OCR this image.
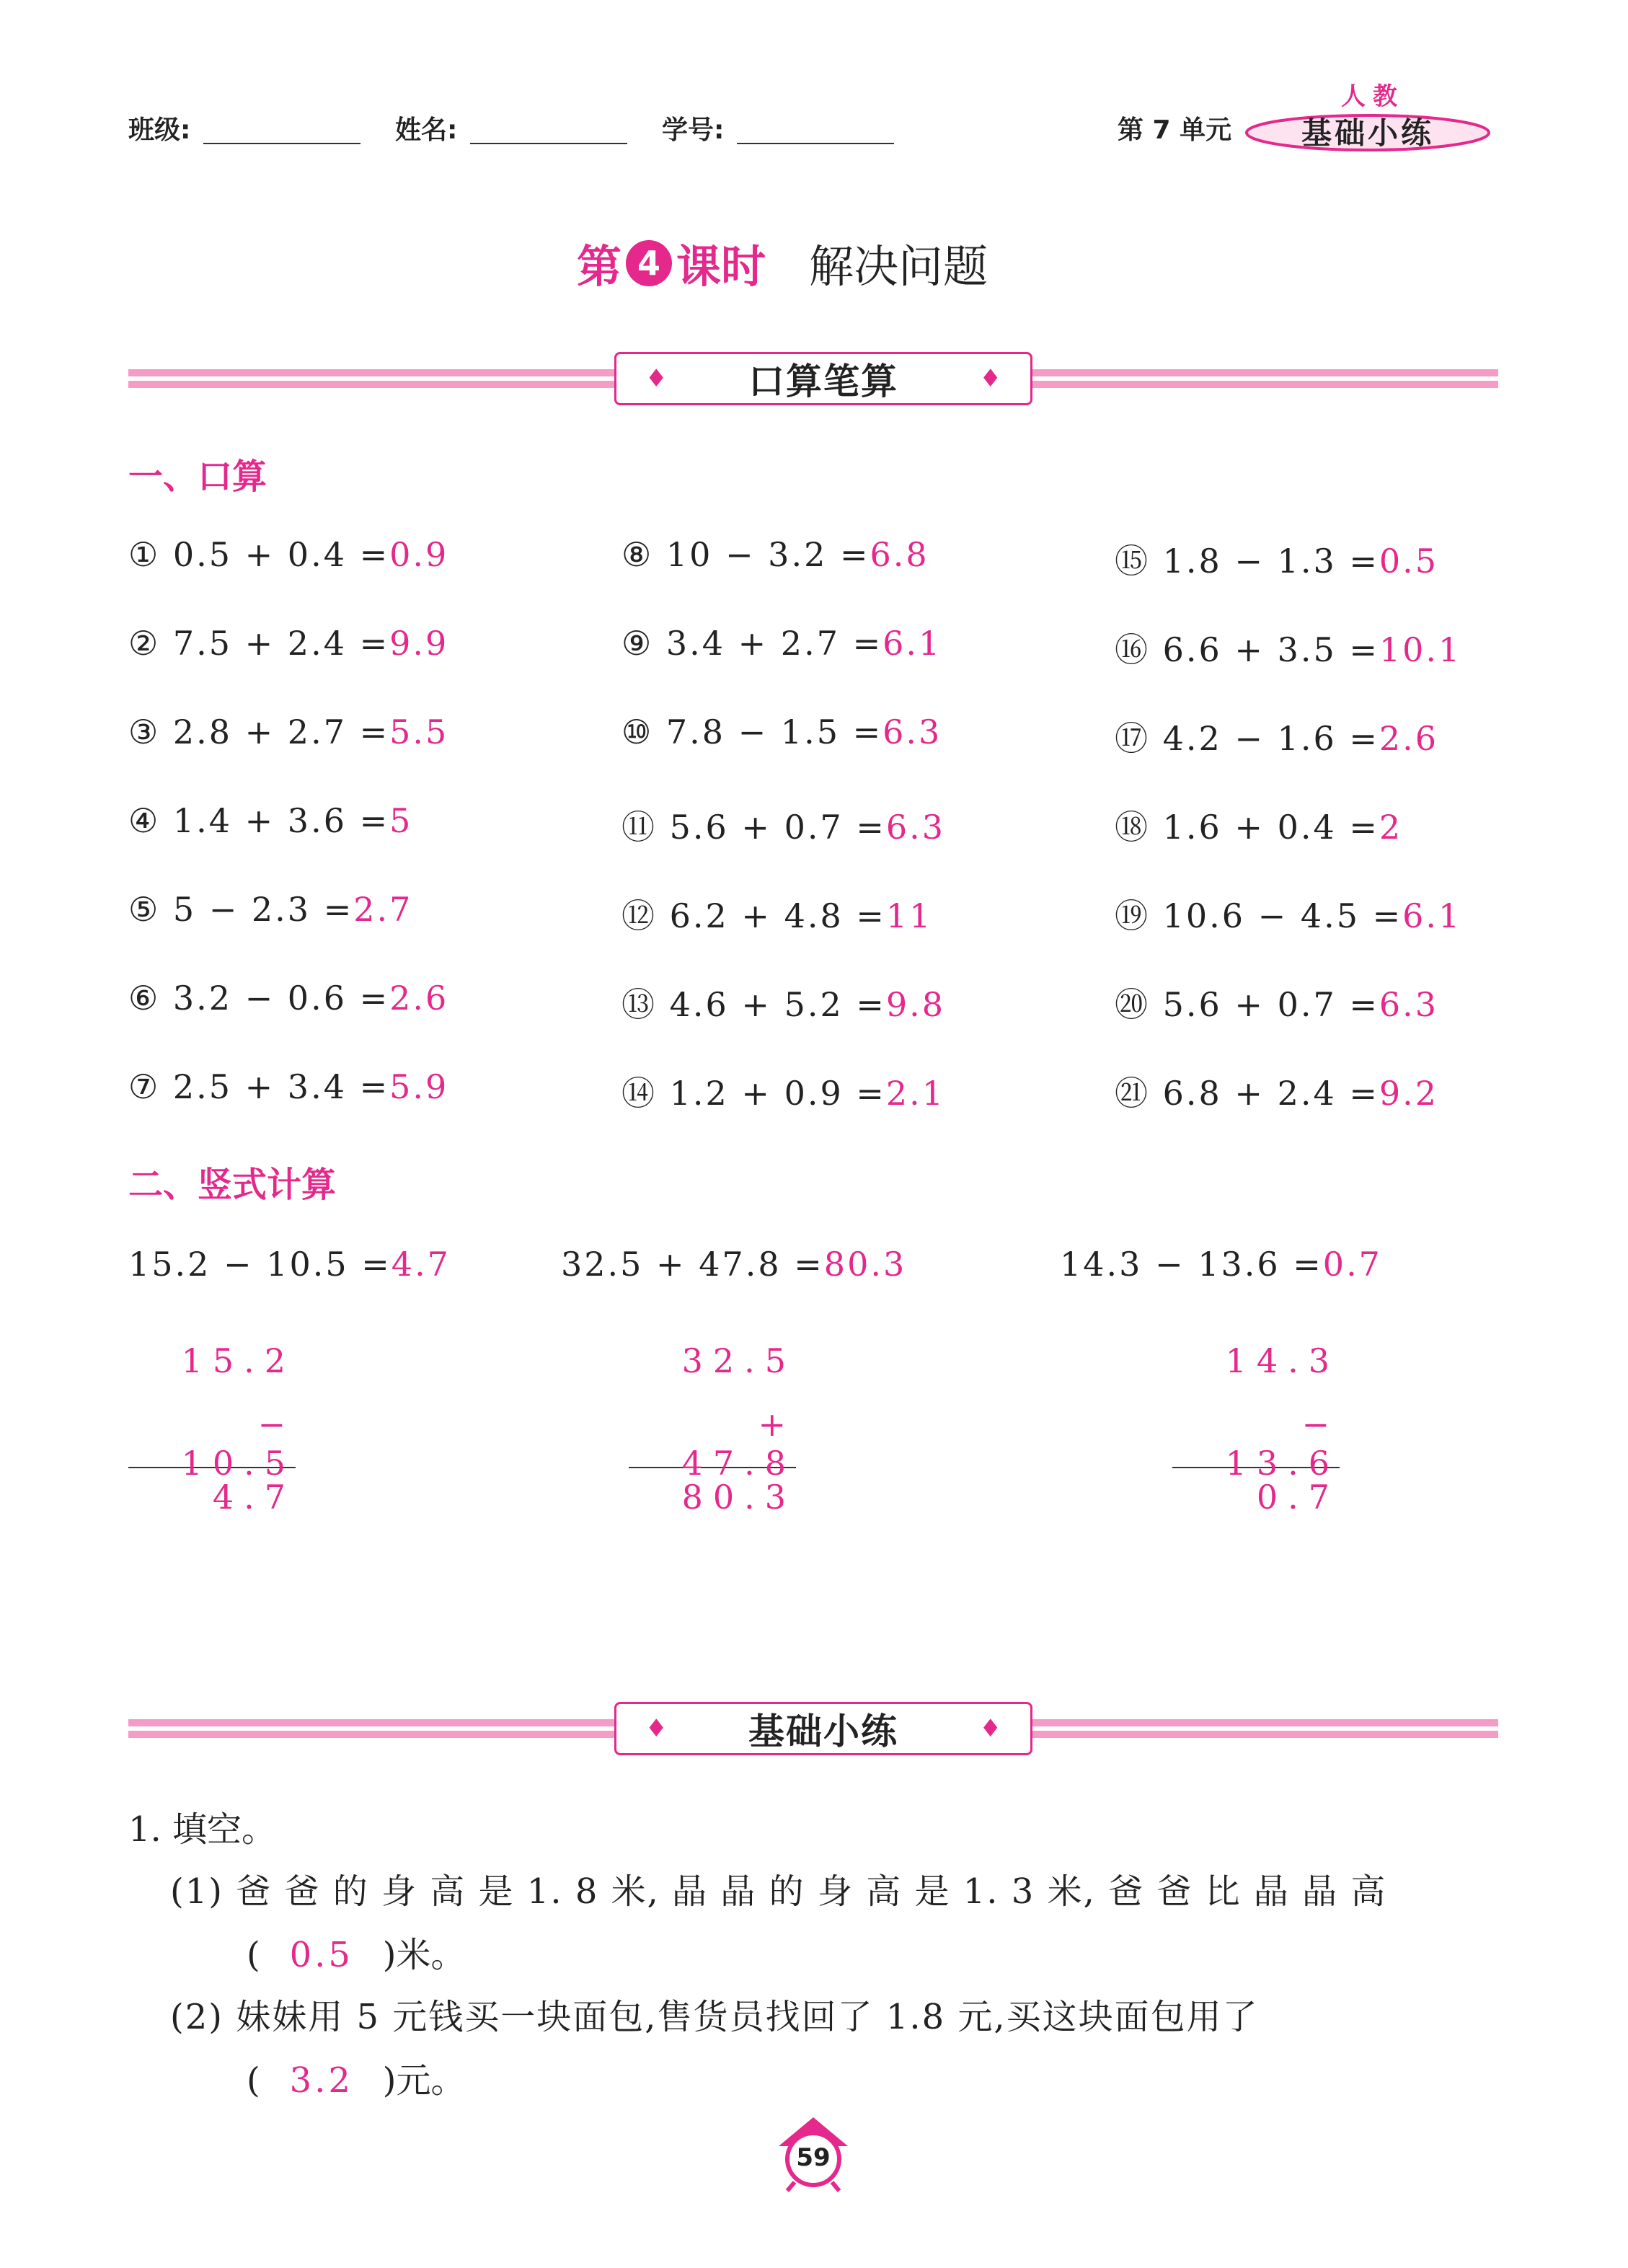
班级:	姓名:	学号:	第 7 单元
人教
基础小练
第 4 课时 解决问题
♦ 口算笔算	♦
一、口算
① 0.5 + 0.4 =0.9
② 7.5 + 2.4 =9.9
③ 2.8 + 2.7 =5.5
④ 1.4 + 3.6 =5
⑤ 5 − 2.3 =2.7
⑥ 3.2 − 0.6 =2.6
⑦ 2.5 + 3.4 =5.9
⑧ 10 − 3.2 =6.8
⑨ 3.4 + 2.7 =6.1
⑩ 7.8 − 1.5 =6.3
⑪ 5.6 + 0.7 =6.3
⑫ 6.2 + 4.8 =11
⑬ 4.6 + 5.2 =9.8
⑭ 1.2 + 0.9 =2.1
⑮ 1.8 − 1.3 =0.5
⑯ 6.6 + 3.5 =10.1
⑰ 4.2 − 1.6 =2.6
⑱ 1.6 + 0.4 =2
⑲ 10.6 − 4.5 =6.1
⑳ 5.6 + 0.7 =6.3
㉑ 6.8 + 2.4 =9.2
二、竖式计算
15.2 − 10.5 =4.7	32.5 + 47.8 =80.3	14.3 − 13.6 =0.7
15.2
− 10.5
4.7
32.5
+ 47.8
80.3
14.3
− 13.6
0.7
♦ 基础小练	♦
1. 填空。
(1) 爸 爸 的 身 高 是 1. 8 米, 晶 晶 的 身 高 是 1. 3 米, 爸 爸 比 晶 晶 高
( 0.5 )米。
(2) 妹妹用 5 元钱买一块面包,售货员找回了 1.8 元,买这块面包用了
( 3.2 )元。
59
